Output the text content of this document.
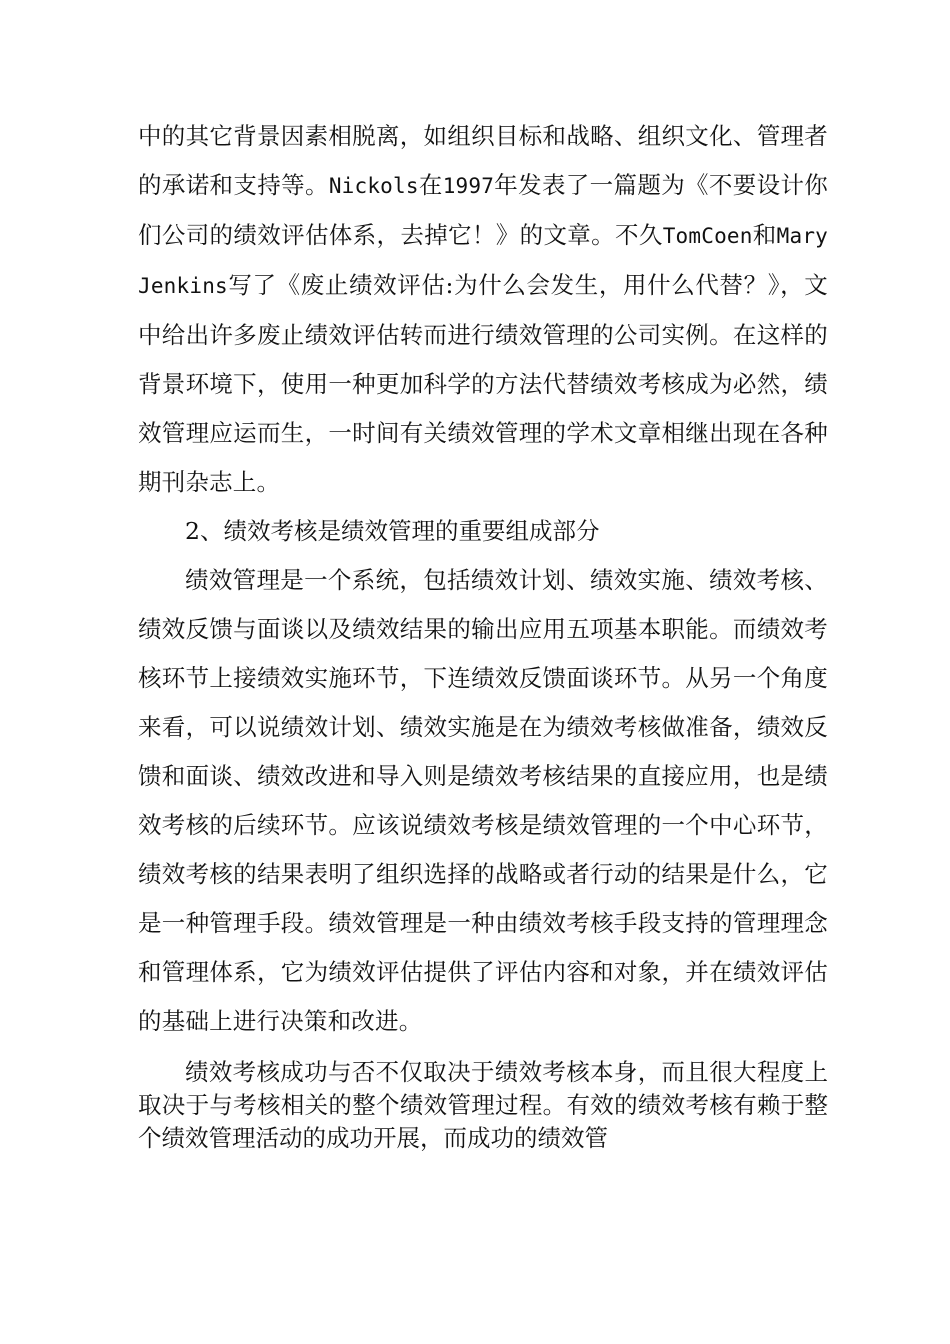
中的其它背景因素相脱离，如组织目标和战略、组织文化、管理者的承诺和支持等。Nickols在1997年发表了一篇题为《不要设计你们公司的绩效评估体系，去掉它！》的文章。不久TomCoen和MaryJenkins写了《废止绩效评估:为什么会发生，用什么代替？》，文中给出许多废止绩效评估转而进行绩效管理的公司实例。在这样的背景环境下，使用一种更加科学的方法代替绩效考核成为必然，绩效管理应运而生，一时间有关绩效管理的学术文章相继出现在各种期刊杂志上。

2、绩效考核是绩效管理的重要组成部分

绩效管理是一个系统，包括绩效计划、绩效实施、绩效考核、绩效反馈与面谈以及绩效结果的输出应用五项基本职能。而绩效考核环节上接绩效实施环节，下连绩效反馈面谈环节。从另一个角度来看，可以说绩效计划、绩效实施是在为绩效考核做准备，绩效反馈和面谈、绩效改进和导入则是绩效考核结果的直接应用，也是绩效考核的后续环节。应该说绩效考核是绩效管理的一个中心环节，绩效考核的结果表明了组织选择的战略或者行动的结果是什么，它是一种管理手段。绩效管理是一种由绩效考核手段支持的管理理念和管理体系，它为绩效评估提供了评估内容和对象，并在绩效评估的基础上进行决策和改进。

绩效考核成功与否不仅取决于绩效考核本身，而且很大程度上取决于与考核相关的整个绩效管理过程。有效的绩效考核有赖于整个绩效管理活动的成功开展，而成功的绩效管
